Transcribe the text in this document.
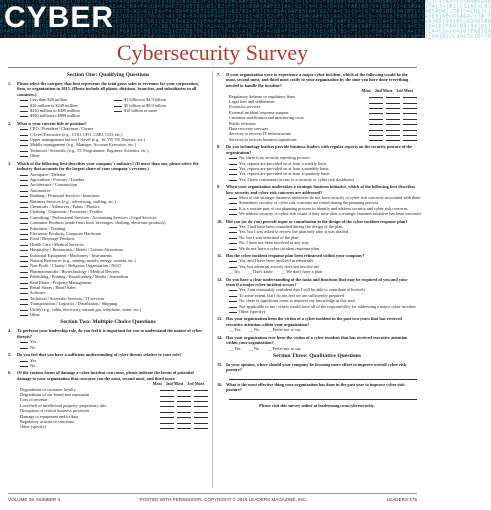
0[D3<E3]C7/E8/D61{82{70<A2>A1]E4>F4<D8=F9=E72}93}81>B3/B2<F5/{5>E9#{A#F83[A4[92/C4=C3>{6=}6/FA0}B0{94]B5]A3=D5#D4/}7#[7={B1[C1}A5<C6<B4#E60E
6#]91<90[D3<E3]C7/E8/D61{82{70<A2>A1]E4>F4<D8=F9=E72}93}81>B3/B2<F5/{5>E9#{A#F83[A4[92/C4=C3>{6=}6/FA0}B0{94]B5]A3=D5#D4/}7#[7={B1[C1}A5<C6<
C50F71F6#]91<90[D3<E3]C7/E8/D61{82{70<A2>A1]E4>F4<D8=F9=E72}93}81>B3/B2<F5/{5>E9#{A#F83[A4[92/C4=C3>{6=}6/FA0}B0{94]B5]A3=D5#D4/}7#[7={B1[C1
[B6>D7>C50F71F6#]91<90[D3<E3]C7/E8/D61{82{70<A2>A1]E4>F4<D8=F9=E72}93}81>B3/B2<F5/{5>E9#{A#F83[A4[92/C4=C3>{6=}6/FA0}B0{94]B5]A3=D5#D4/}7#[7
#}C2]D2[B6>D7>C50F71F6#]91<90[D3<E3]C7/E8/D61{82{70<A2>A1]E4>F4<D8=F9=E72}93}81>B3/B2<F5/{5>E9#{A#F83[A4[92/C4=C3>{6=}6/FA0}B0{94]B5]A3=D5#D
5=[80]8#}C2]D2[B6>D7>C50F71F6#]91<90[D3<E3]C7/E8/D61{82{70<A2>A1]E4>F4<D8=F9=E72}93}81>B3/B2<F5/{5>E9#{A#F83[A4[92/C4=C3>{6=}6/FA0}B0{94]B5]
B4#E60E5=[80]8#}C2]D2[B6>D7>C50F71F6#]91<90[D3<E3]C7/E8/D61{82{70<A2>A1]E4>F4<D8=F9=E72}93}81>B3/B2<F5/{5>E9#{A#F83[A4[92/C4=C3>{6=}6/FA0}B0
}A5<C6<B4#E60E5=[80]8#}C2]D2[B6>D7>C50F71F6#]91<90[D3<E3]C7/E8/D61{82{70<A2>A1]E4>F4<D8=F9=E72}93}81>B3/B2<F5/{5>E9#{A#F83[A4[92/C4=C3>{6=}6

CYBER
Cybersecurity Survey
Section One: Qualifying Questions
1.	Please select the category that best represents the total gross sales or revenues for your corporation, firm, or organization in 2015. (Please include all plants, divisions, branches, and subsidiaries in all countries.)
Less than $20 million
$20 million to $249 million
$250 million to $499 million
$500 million to $999 million
$1 billion to $4.9 billion
$5 billion to $9.9 billion
$10 billion or more
2.	What is your current title or position?
CEO / President / Chairman / Owner
C-level Executive (e.g., COO, CFO, CMO, CIO, etc.)
Upper management but not C-level (e.g., Sr. VP, VP, Director, etc.)
Middle management (e.g., Manager, Account Executive, etc.)
Technical / Scientific (e.g., IT, Programmer, Engineer, Scientist, etc.)
Other
3.	Which of the following best describes your company's industry? (If more than one, please select the industry that accounts for the largest share of your company's revenue.)
Aerospace / Defense
Agriculture / Forestry / Lumber
Architecture / Construction
Automotive
Banking / Financial Services / Insurance
Business Services (e.g., advertising, staffing, etc.)
Chemicals / Adhesives / Paints / Plastics
Clothing / Outerwear / Footwear / Textiles
Consulting / Professional Services / Accounting Services / Legal Services
Consumer Products (aside from food, beverages, clothing, electronic products)
Education / Training
Electronic Products, Computer Hardware
Food / Beverage Products
Health Care / Medical Services
Hospitality / Restaurants / Hotels / Leisure Attractions
Industrial Equipment / Machinery / Instruments
Natural Resources (e.g., mining, metals, energy, cement, etc.)
Non-Profit / Charity / Religious Organization / NGO
Pharmaceuticals / Biotechnology / Medical Devices
Publishing / Printing / Broadcasting / Media / Journalism
Real Estate / Property Management
Retail Stores / Retail Sales
Software
Technical / Scientific Services / IT services
Transportation / Logistics / Distribution / Shipping
Utility (e.g., cable, electricity, natural gas, telephone, water, etc.)
Other
Section Two: Multiple Choice Questions
4.	To perform your leadership role, do you feel it is important for you to understand the nature of cyber threats?
Yes
No
5.	Do you feel that you have a sufficient understanding of cyber threats relative to your role?
Yes
No
6.	Of the various forms of damage a cyber incident can cause, please indicate the forms of potential damage to your organization that concerns you the most, second most, and third most:
Most 2nd Most 3rd Most
Degradation of customer loyalty
Degradation of our brand and reputation
Loss of revenue
Loss/theft of intellectual property, proprietary info
Disruption of critical business processes
Damage to equipment and/or data
Regulatory actions or sanctions
Other (specify)
7.	If your organization were to experience a major cyber incident, which of the following would be the most, second most, and third most costly to your organization by the time you have done everything needed to handle the incident?
Most 2nd Most 3rd Most
Regulatory defense or regulatory fines
Legal fees and settlements
Forensics services
External incident response support
Customer notification and monitoring costs
Public relations
Data recovery services
Services to recover IT infrastructure
Services to recover business operations
8.	Do you technology leaders provide business leaders with regular reports on the security posture of the organization?
No, there is no security reporting process
Yes, reports are provided on at least a weekly basis
Yes, reports are provided on at least a monthly basis
Yes, reports are provided on at least a quarterly basis
Yes, I have continuous access to a security or cyber risk dashboard
9.	When your organization undertakes a strategic business initiative, which of the following best describes how security and cyber risk concerns are addressed?
Most of our strategic business initiatives do not have security or cyber risk concerns associated with them
Sometimes security or cyber risk concerns are raised during the planning process
It is a routine part of our planning process to identify and address security and cyber risk concerns
We address security or cyber risk issues if they arise after a strategic business initiative has been executed
10. Did you (or do you) provide input or consultation in the design of the cyber incident response plan?
Yes, I had have been consulted during the design of the plan
Yes, but I was asked to review the plan only after it was drafted
No, but I was informed of the plan
No, I have not been involved in any way
We do not have a cyber incident response plan
11. Has the cyber incident response plan been rehearsed within your company?
Yes, and I have been involved in rehearsals
Yes, but rehearsal activity does not involve me
__ No __ Don't know __ We don't have a plan
12. Do you have a clear understanding of the tasks and functions that may be required of you and your team if a major cyber incident occurs?
Yes, I am reasonably confident that I will be able to contribute effectively
To some extent, but I do not feel we are sufficiently prepared
No, these is significant room to improve my knowledge in this area
Not applicable to me / others would have all of the responsibility for addressing a major cyber incident
Other (specify):
13. Has your organization been the victim of a cyber incident in the past two years that has received executive attention within your organization?
__ Yes __ No __ Prefer not to say
14. Has your organization ever been the victim of a cyber incident that has received executive attention within your organization?
__ Yes __ No __ Prefer not to say
Section Three: Qualitative Questions
15. In your opinion, where should your company be focusing more effort to improve overall cyber risk posture?
16. What is the most effective thing your organization has done in the past year to improve cyber risk posture?
Please visit this survey online at leadersmag.com/cybersecurity.
VOLUME 39, NUMBER 4	POSTED WITH PERMISSION. COPYRIGHT © 2016 LEADERS MAGAZINE, INC.	LEADERS 175
